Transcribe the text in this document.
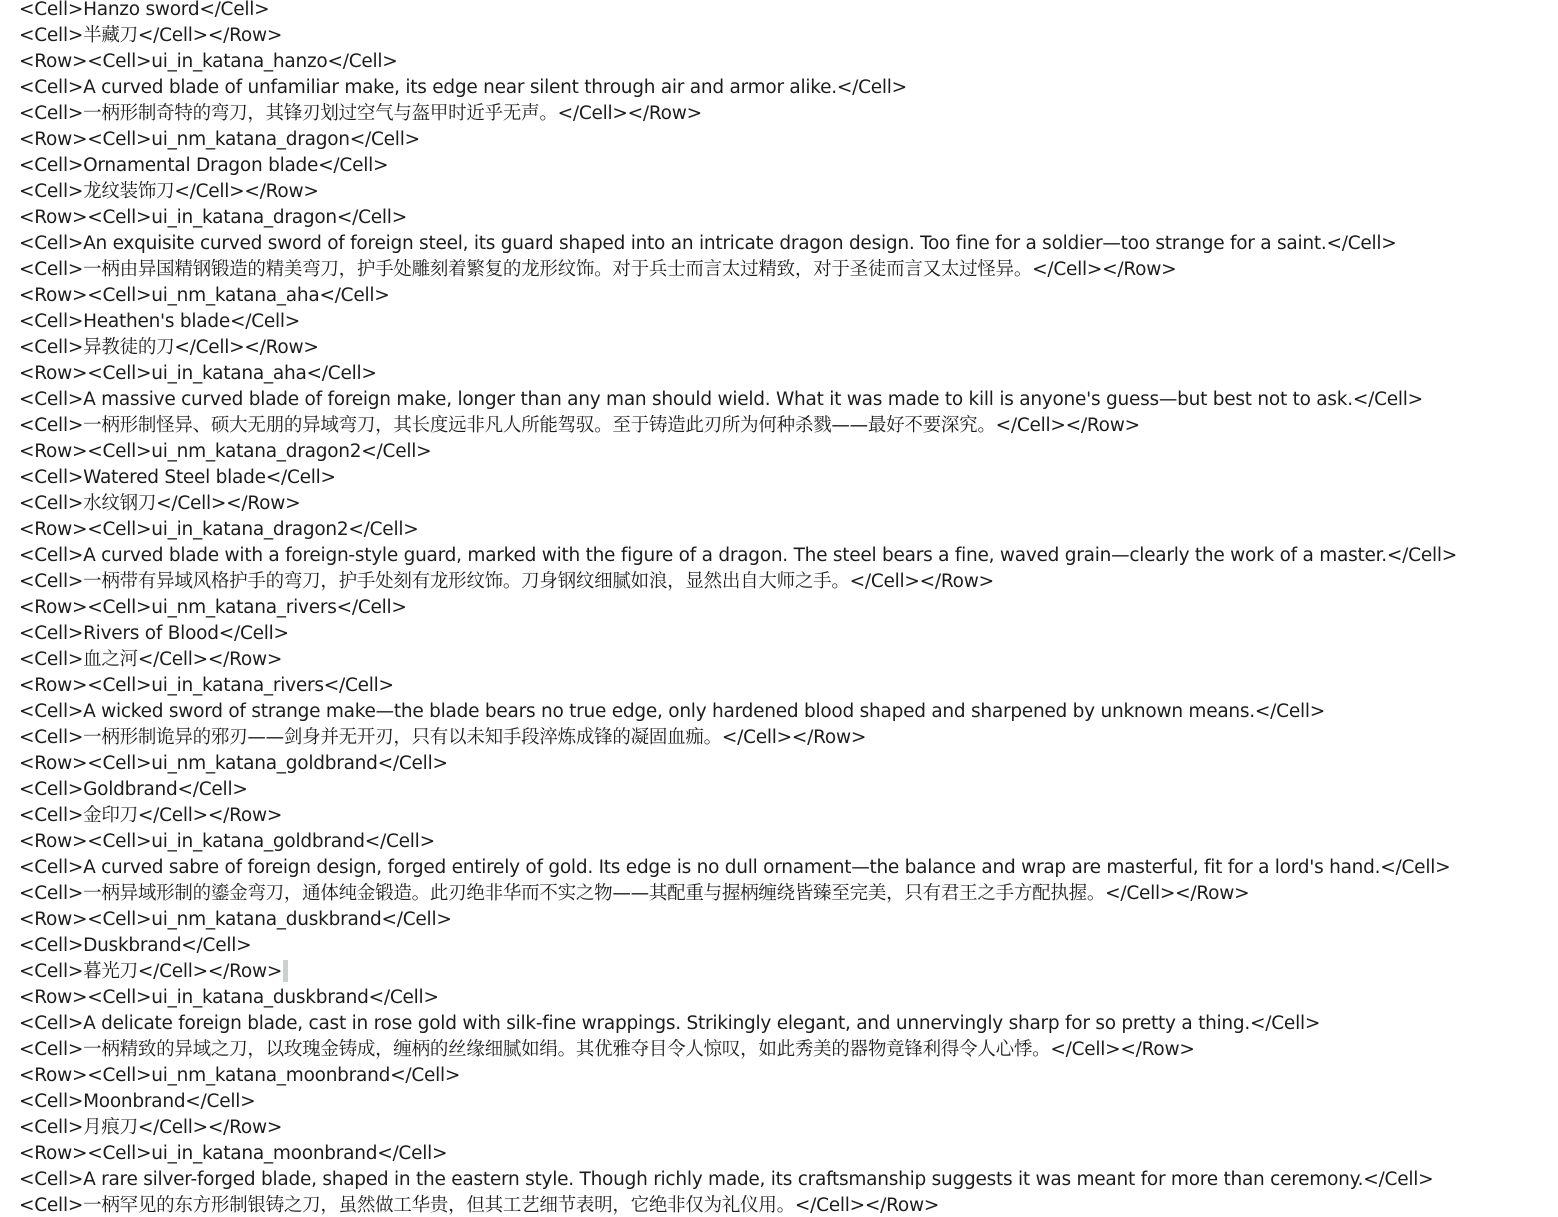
<Cell>Hanzo sword</Cell>
<Cell>半藏刀</Cell></Row>
<Row><Cell>ui_in_katana_hanzo</Cell>
<Cell>A curved blade of unfamiliar make, its edge near silent through air and armor alike.</Cell>
<Cell>一柄形制奇特的弯刀，其锋刃划过空气与盔甲时近乎无声。</Cell></Row>
<Row><Cell>ui_nm_katana_dragon</Cell>
<Cell>Ornamental Dragon blade</Cell>
<Cell>龙纹装饰刀</Cell></Row>
<Row><Cell>ui_in_katana_dragon</Cell>
<Cell>An exquisite curved sword of foreign steel, its guard shaped into an intricate dragon design. Too fine for a soldier—too strange for a saint.</Cell>
<Cell>一柄由异国精钢锻造的精美弯刀，护手处雕刻着繁复的龙形纹饰。对于兵士而言太过精致，对于圣徒而言又太过怪异。</Cell></Row>
<Row><Cell>ui_nm_katana_aha</Cell>
<Cell>Heathen's blade</Cell>
<Cell>异教徒的刀</Cell></Row>
<Row><Cell>ui_in_katana_aha</Cell>
<Cell>A massive curved blade of foreign make, longer than any man should wield. What it was made to kill is anyone's guess—but best not to ask.</Cell>
<Cell>一柄形制怪异、硕大无朋的异域弯刀，其长度远非凡人所能驾驭。至于铸造此刃所为何种杀戮——最好不要深究。</Cell></Row>
<Row><Cell>ui_nm_katana_dragon2</Cell>
<Cell>Watered Steel blade</Cell>
<Cell>水纹钢刀</Cell></Row>
<Row><Cell>ui_in_katana_dragon2</Cell>
<Cell>A curved blade with a foreign-style guard, marked with the figure of a dragon. The steel bears a fine, waved grain—clearly the work of a master.</Cell>
<Cell>一柄带有异域风格护手的弯刀，护手处刻有龙形纹饰。刀身钢纹细腻如浪，显然出自大师之手。</Cell></Row>
<Row><Cell>ui_nm_katana_rivers</Cell>
<Cell>Rivers of Blood</Cell>
<Cell>血之河</Cell></Row>
<Row><Cell>ui_in_katana_rivers</Cell>
<Cell>A wicked sword of strange make—the blade bears no true edge, only hardened blood shaped and sharpened by unknown means.</Cell>
<Cell>一柄形制诡异的邪刃——剑身并无开刃，只有以未知手段淬炼成锋的凝固血痂。</Cell></Row>
<Row><Cell>ui_nm_katana_goldbrand</Cell>
<Cell>Goldbrand</Cell>
<Cell>金印刀</Cell></Row>
<Row><Cell>ui_in_katana_goldbrand</Cell>
<Cell>A curved sabre of foreign design, forged entirely of gold. Its edge is no dull ornament—the balance and wrap are masterful, fit for a lord's hand.</Cell>
<Cell>一柄异域形制的鎏金弯刀，通体纯金锻造。此刃绝非华而不实之物——其配重与握柄缠绕皆臻至完美，只有君王之手方配执握。</Cell></Row>
<Row><Cell>ui_nm_katana_duskbrand</Cell>
<Cell>Duskbrand</Cell>
<Cell>暮光刀</Cell></Row>
<Row><Cell>ui_in_katana_duskbrand</Cell>
<Cell>A delicate foreign blade, cast in rose gold with silk-fine wrappings. Strikingly elegant, and unnervingly sharp for so pretty a thing.</Cell>
<Cell>一柄精致的异域之刀，以玫瑰金铸成，缠柄的丝缘细腻如绢。其优雅夺目令人惊叹，如此秀美的器物竟锋利得令人心悸。</Cell></Row>
<Row><Cell>ui_nm_katana_moonbrand</Cell>
<Cell>Moonbrand</Cell>
<Cell>月痕刀</Cell></Row>
<Row><Cell>ui_in_katana_moonbrand</Cell>
<Cell>A rare silver-forged blade, shaped in the eastern style. Though richly made, its craftsmanship suggests it was meant for more than ceremony.</Cell>
<Cell>一柄罕见的东方形制银铸之刀，虽然做工华贵，但其工艺细节表明，它绝非仅为礼仪用。</Cell></Row>
